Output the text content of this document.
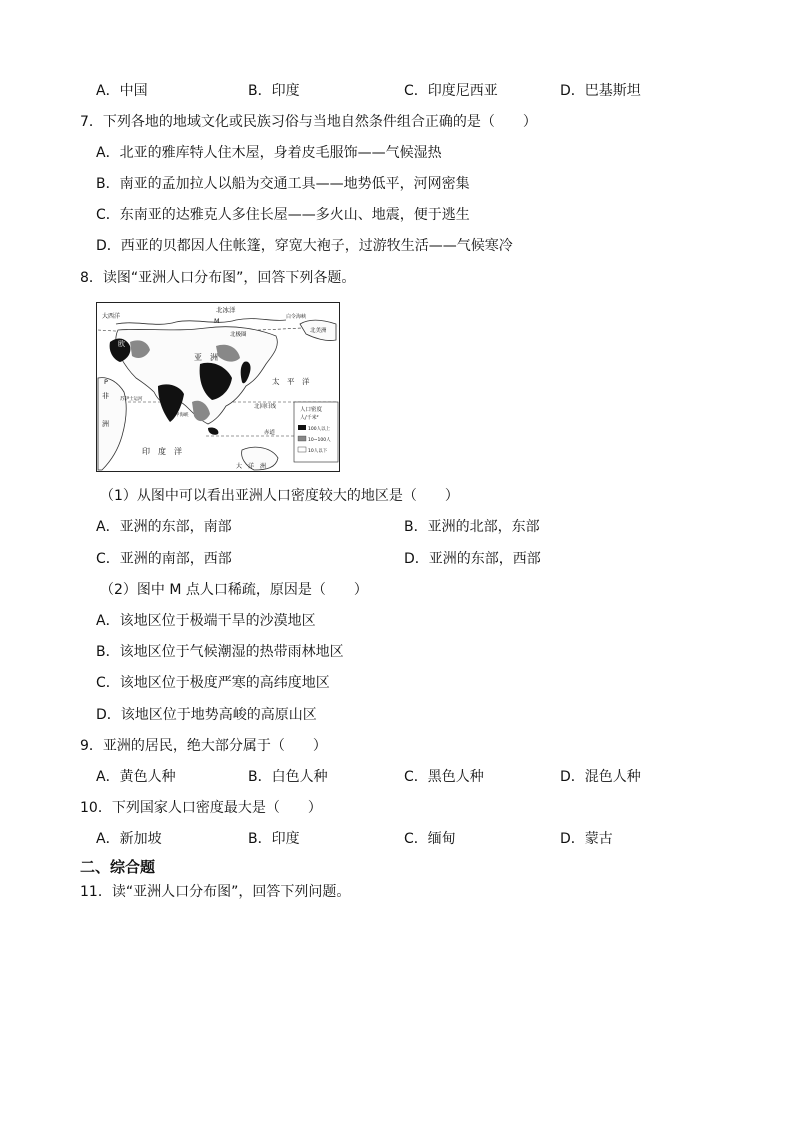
A．中国	B．印度	C．印度尼西亚	D．巴基斯坦
7．下列各地的地域文化或民族习俗与当地自然条件组合正确的是（　　）
A．北亚的雅库特人住木屋，身着皮毛服饰——气候湿热
B．南亚的孟加拉人以船为交通工具——地势低平，河网密集
C．东南亚的达雅克人多住长屋——多火山、地震，便于逃生
D．西亚的贝都因人住帐篷，穿宽大袍子，过游牧生活——气候寒冷
8．读图“亚洲人口分布图”，回答下列各题。
北冰洋
大西洋
M
北极圈
白令海峡
北美洲
欧
亚　洲
太　平　洋
P
非
洲
苏伊士运河
北回归线
马六甲海峡
赤道
印　度　洋
大　洋　洲
人口密度
人/千米²
100人以上
10~100人
10人以下
（1）从图中可以看出亚洲人口密度较大的地区是（　　）
A．亚洲的东部，南部	B．亚洲的北部，东部
C．亚洲的南部，西部	D．亚洲的东部，西部
（2）图中 M 点人口稀疏，原因是（　　）
A．该地区位于极端干旱的沙漠地区
B．该地区位于气候潮湿的热带雨林地区
C．该地区位于极度严寒的高纬度地区
D．该地区位于地势高峻的高原山区
9．亚洲的居民，绝大部分属于（　　）
A．黄色人种	B．白色人种	C．黑色人种	D．混色人种
10．下列国家人口密度最大是（　　）
A．新加坡	B．印度	C．缅甸	D．蒙古
二、综合题
11．读“亚洲人口分布图”，回答下列问题。
